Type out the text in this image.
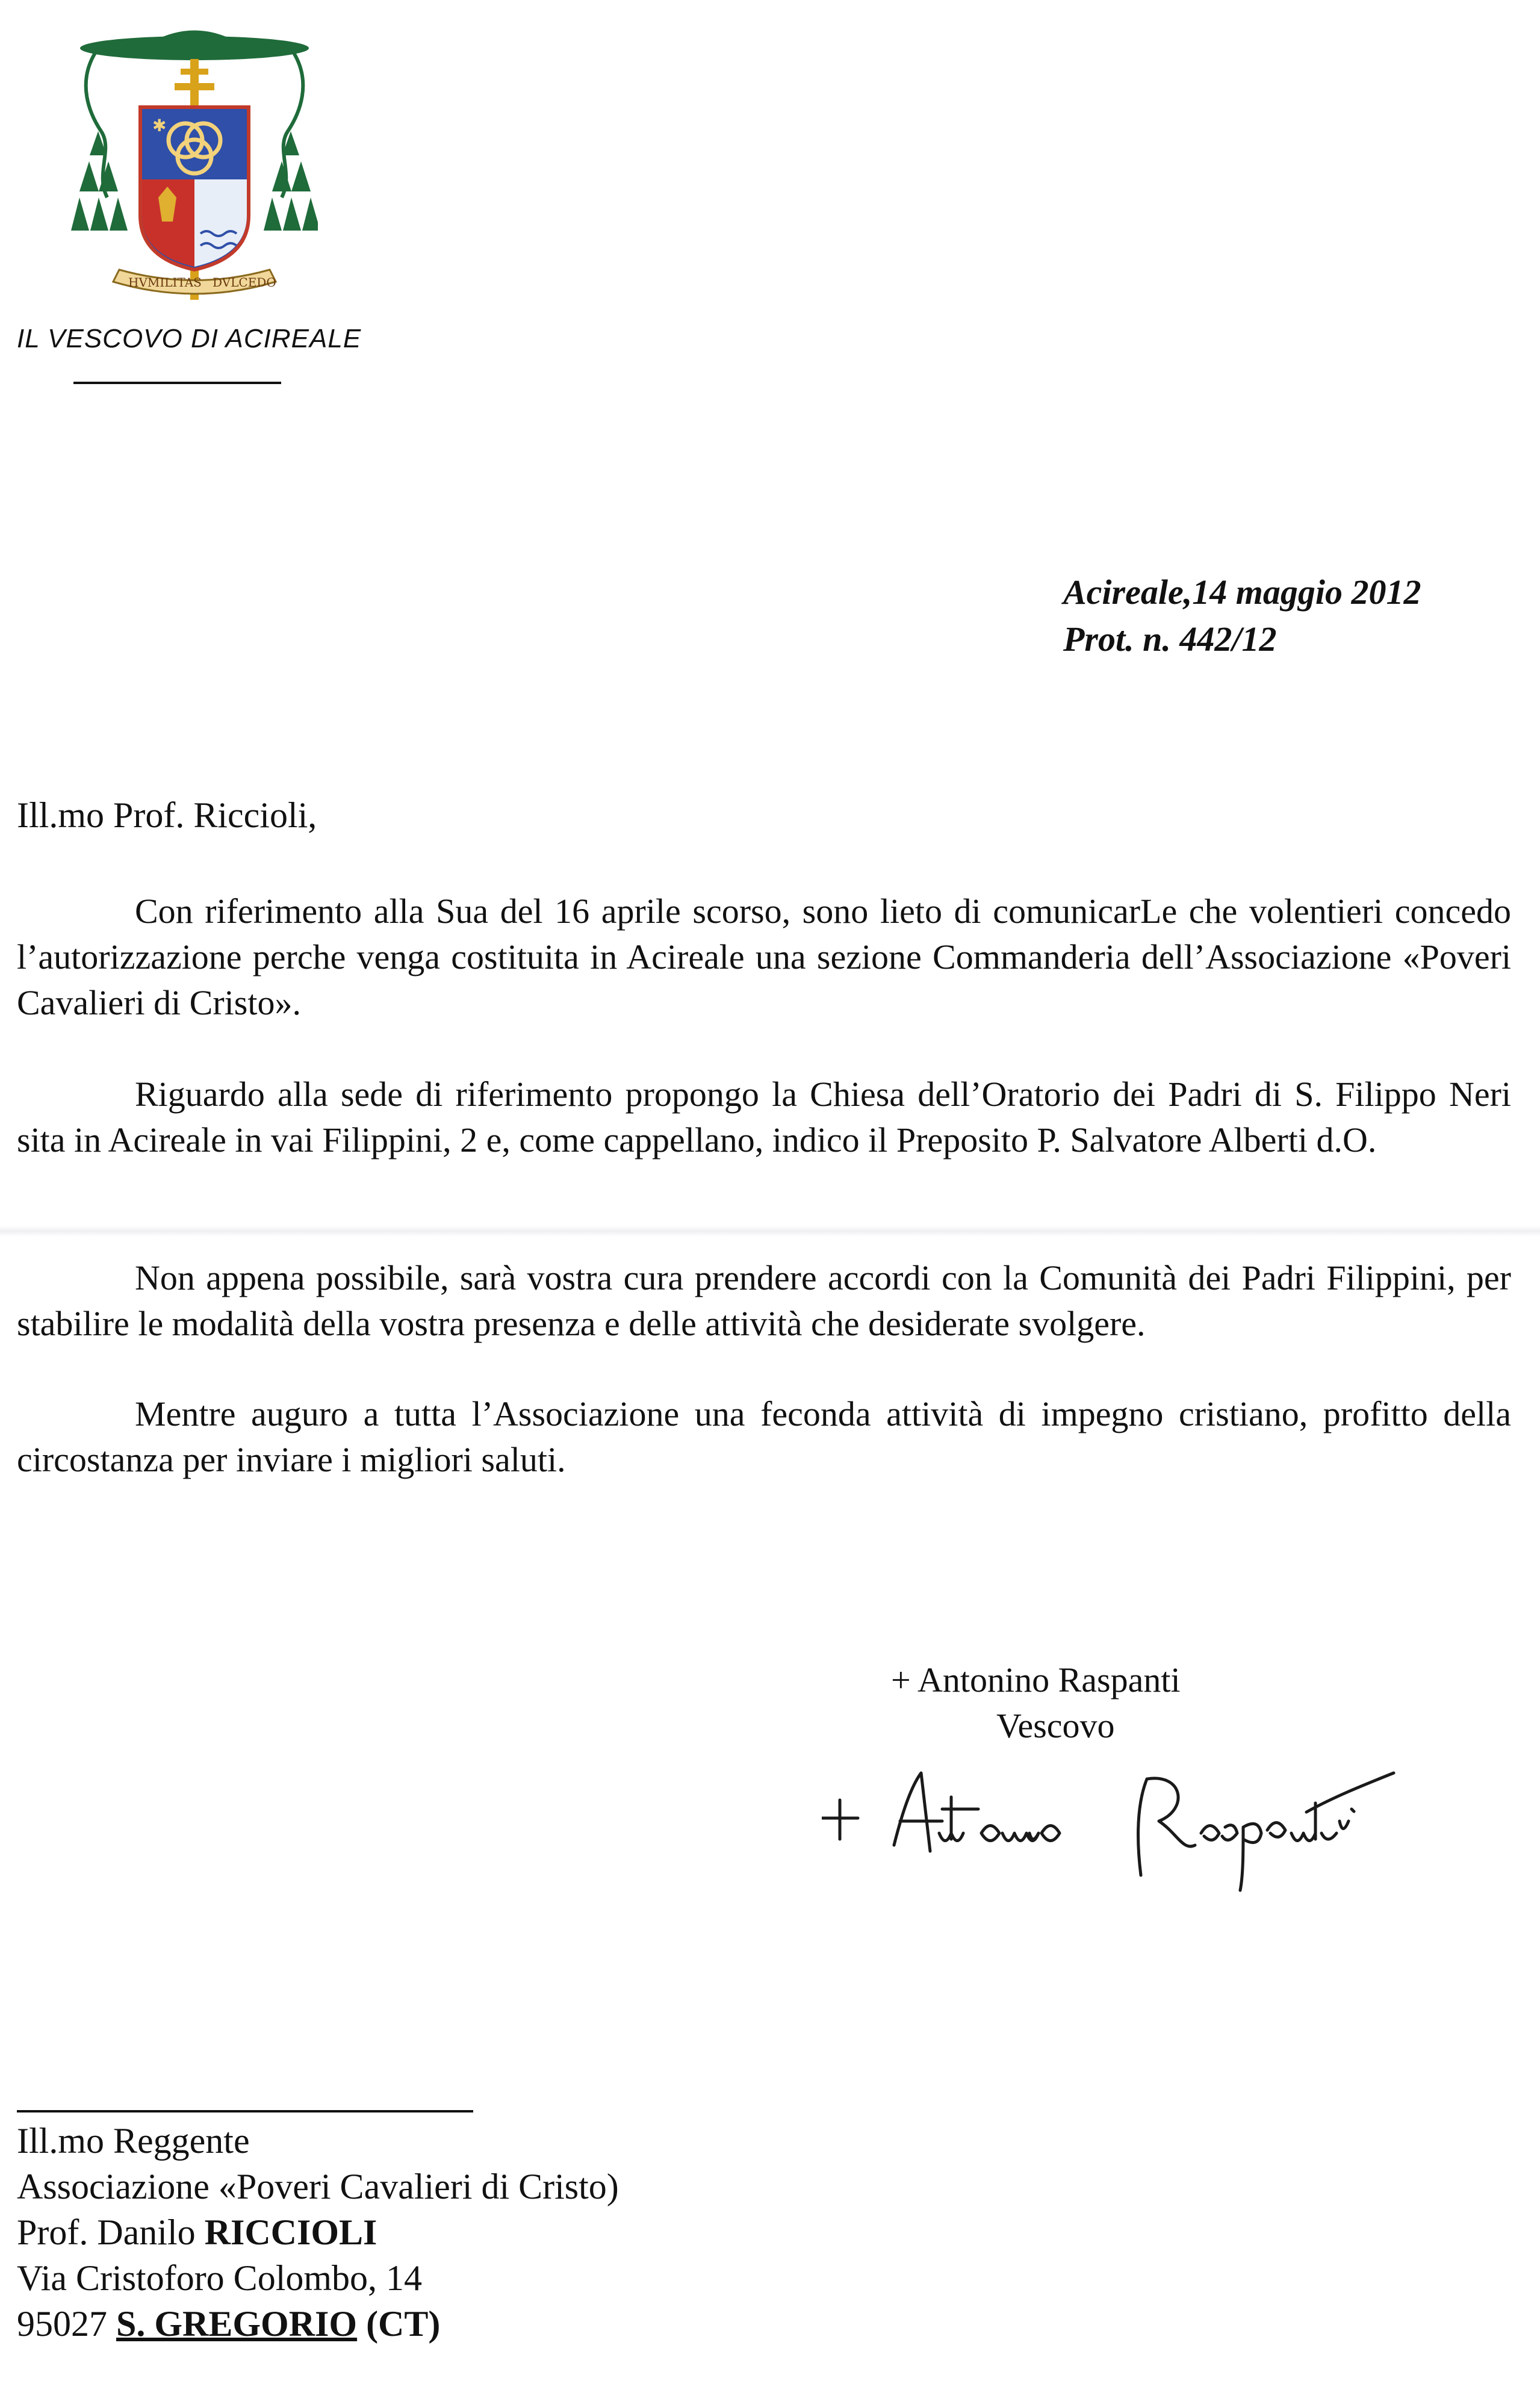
✱
HVMILITAS DVLCEDO
IL VESCOVO DI ACIREALE
Acireale,14 maggio 2012
Prot. n. 442/12
Ill.mo Prof. Riccioli,

Con riferimento alla Sua del 16 aprile scorso, sono lieto di comunicarLe che volentieri concedo l’autorizzazione perche venga costituita in Acireale una sezione Commanderia dell’Associazione «Poveri Cavalieri di Cristo».

Riguardo alla sede di riferimento propongo la Chiesa dell’Oratorio dei Padri di S. Filippo Neri sita in Acireale in vai Filippini, 2 e, come cappellano, indico il Preposito P. Salvatore Alberti d.O.

Non appena possibile, sarà vostra cura prendere accordi con la Comunità dei Padri Filippini, per stabilire le modalità della vostra presenza e delle attività che desiderate svolgere.

Mentre auguro a tutta l’Associazione una feconda attività di impegno cristiano, profitto della circostanza per inviare i migliori saluti.

+ Antonino Raspanti
Vescovo
Ill.mo Reggente
Associazione «Poveri Cavalieri di Cristo)
Prof. Danilo RICCIOLI
Via Cristoforo Colombo, 14
95027 S. GREGORIO (CT)
